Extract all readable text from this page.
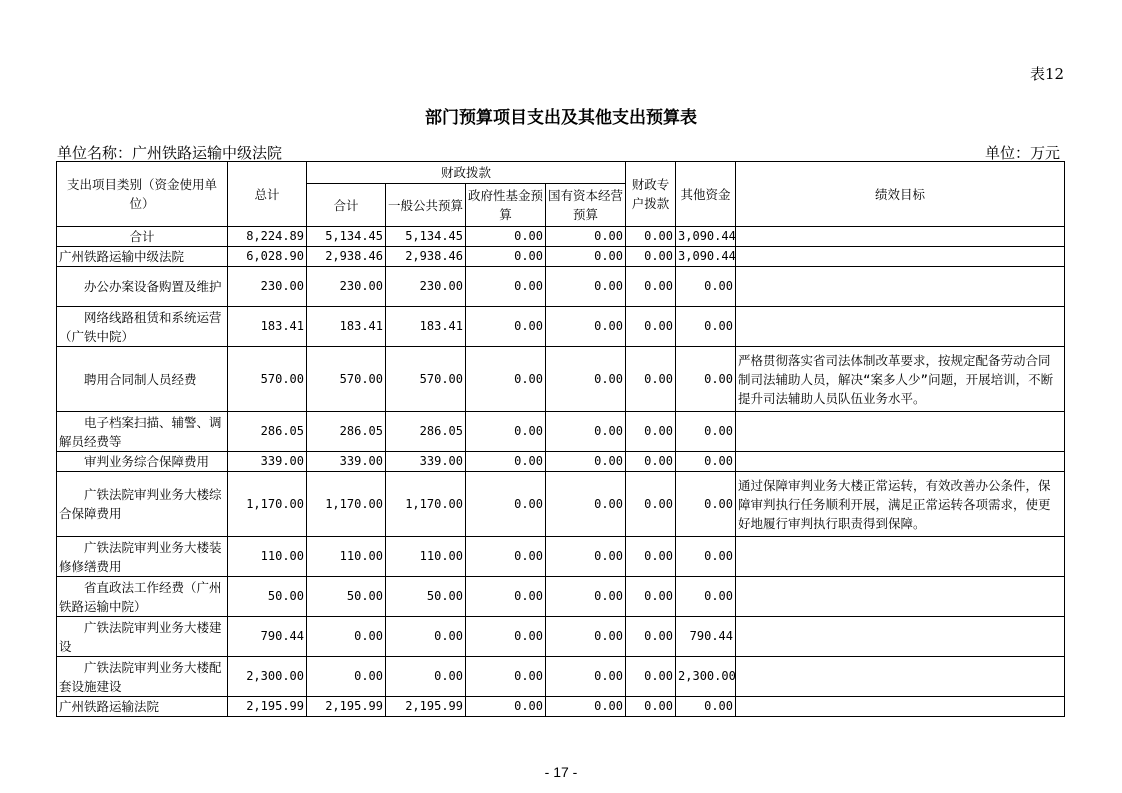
表12
部门预算项目支出及其他支出预算表
单位名称：广州铁路运输中级法院	单位：万元
支出项目类别（资金使用单位）	总计	财政拨款				财政专户拨款	其他资金	绩效目标
		合计	一般公共预算	政府性基金预算	国有资本经营预算			
合计	8,224.89	5,134.45	5,134.45	0.00	0.00	0.00	3,090.44	
广州铁路运输中级法院	6,028.90	2,938.46	2,938.46	0.00	0.00	0.00	3,090.44	
办公办案设备购置及维护	230.00	230.00	230.00	0.00	0.00	0.00	0.00	
网络线路租赁和系统运营（广铁中院）	183.41	183.41	183.41	0.00	0.00	0.00	0.00	
聘用合同制人员经费	570.00	570.00	570.00	0.00	0.00	0.00	0.00	严格贯彻落实省司法体制改革要求，按规定配备劳动合同制司法辅助人员，解决“案多人少”问题，开展培训，不断提升司法辅助人员队伍业务水平。
电子档案扫描、辅警、调解员经费等	286.05	286.05	286.05	0.00	0.00	0.00	0.00	
审判业务综合保障费用	339.00	339.00	339.00	0.00	0.00	0.00	0.00	
广铁法院审判业务大楼综合保障费用	1,170.00	1,170.00	1,170.00	0.00	0.00	0.00	0.00	通过保障审判业务大楼正常运转，有效改善办公条件，保障审判执行任务顺利开展，满足正常运转各项需求，使更好地履行审判执行职责得到保障。
广铁法院审判业务大楼装修修缮费用	110.00	110.00	110.00	0.00	0.00	0.00	0.00	
省直政法工作经费（广州铁路运输中院）	50.00	50.00	50.00	0.00	0.00	0.00	0.00	
广铁法院审判业务大楼建设	790.44	0.00	0.00	0.00	0.00	0.00	790.44	
广铁法院审判业务大楼配套设施建设	2,300.00	0.00	0.00	0.00	0.00	0.00	2,300.00	
广州铁路运输法院	2,195.99	2,195.99	2,195.99	0.00	0.00	0.00	0.00	
- 17 -
